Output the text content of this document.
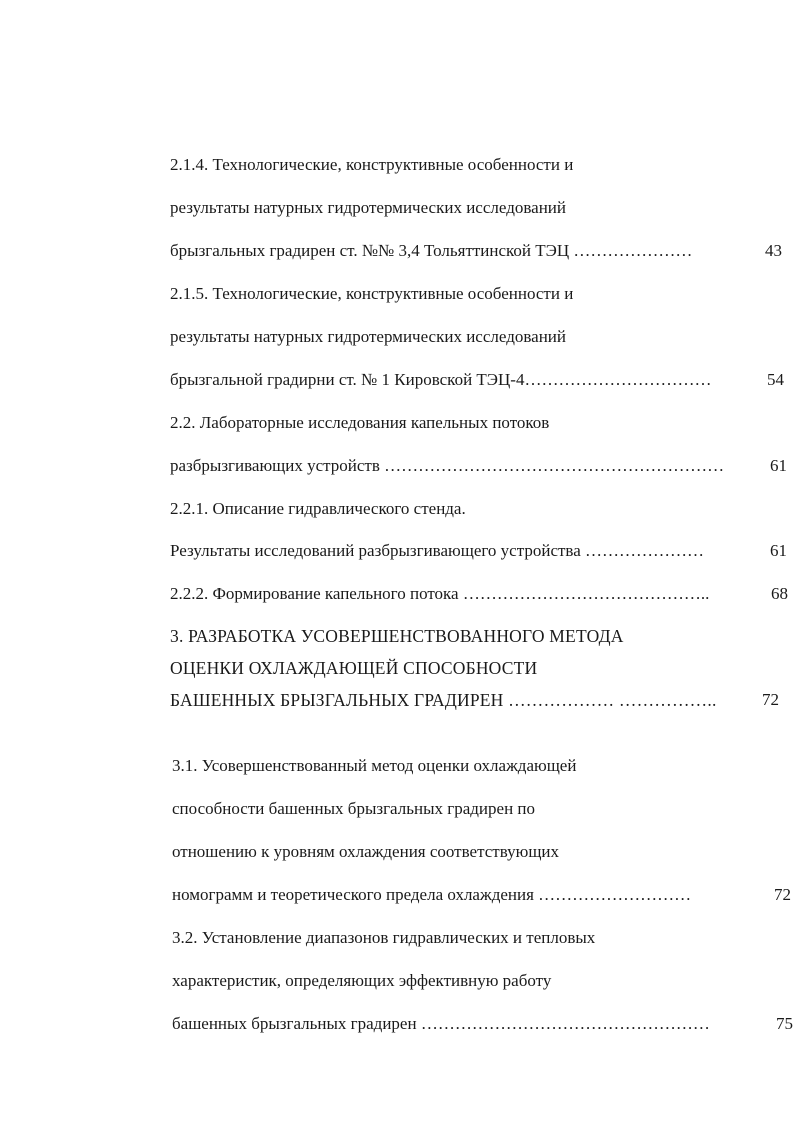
2.1.4. Технологические, конструктивные особенности и
результаты натурных гидротермических исследований
брызгальных градирен ст. №№ 3,4 Тольяттинской ТЭЦ …………………	43
2.1.5. Технологические, конструктивные особенности и
результаты натурных гидротермических исследований
брызгальной градирни ст. № 1 Кировской ТЭЦ-4……………………………	54
2.2. Лабораторные исследования капельных потоков
разбрызгивающих устройств ……………………………………………………	61
2.2.1. Описание гидравлического стенда.
Результаты исследований разбрызгивающего устройства …………………	61
2.2.2. Формирование капельного потока ……………………………………..	68
3. РАЗРАБОТКА УСОВЕРШЕНСТВОВАННОГО МЕТОДА
ОЦЕНКИ ОХЛАЖДАЮЩЕЙ СПОСОБНОСТИ
БАШЕННЫХ БРЫЗГАЛЬНЫХ ГРАДИРЕН ……………… ……………..	72
3.1. Усовершенствованный метод оценки охлаждающей
способности башенных брызгальных градирен по
отношению к уровням охлаждения соответствующих
номограмм и теоретического предела охлаждения ………………………	72
3.2. Установление диапазонов гидравлических и тепловых
характеристик, определяющих эффективную работу
башенных брызгальных градирен ……………………………………………	75
